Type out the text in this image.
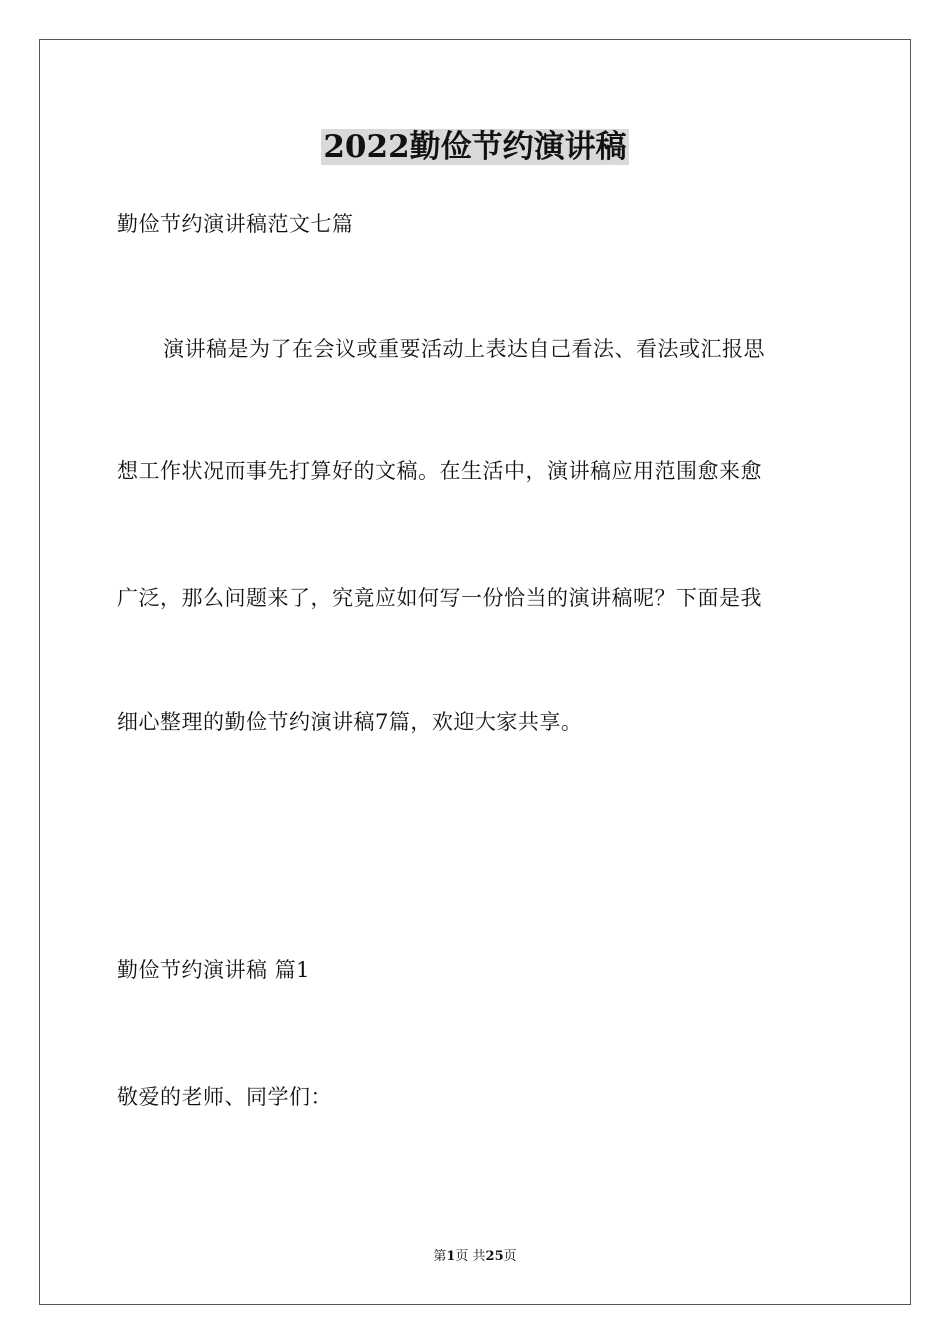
2022勤俭节约演讲稿
勤俭节约演讲稿范文七篇
演讲稿是为了在会议或重要活动上表达自己看法、看法或汇报思
想工作状况而事先打算好的文稿。在生活中，演讲稿应用范围愈来愈
广泛，那么问题来了，究竟应如何写一份恰当的演讲稿呢？下面是我
细心整理的勤俭节约演讲稿7篇，欢迎大家共享。
勤俭节约演讲稿 篇1
敬爱的老师、同学们：
第1页 共25页
